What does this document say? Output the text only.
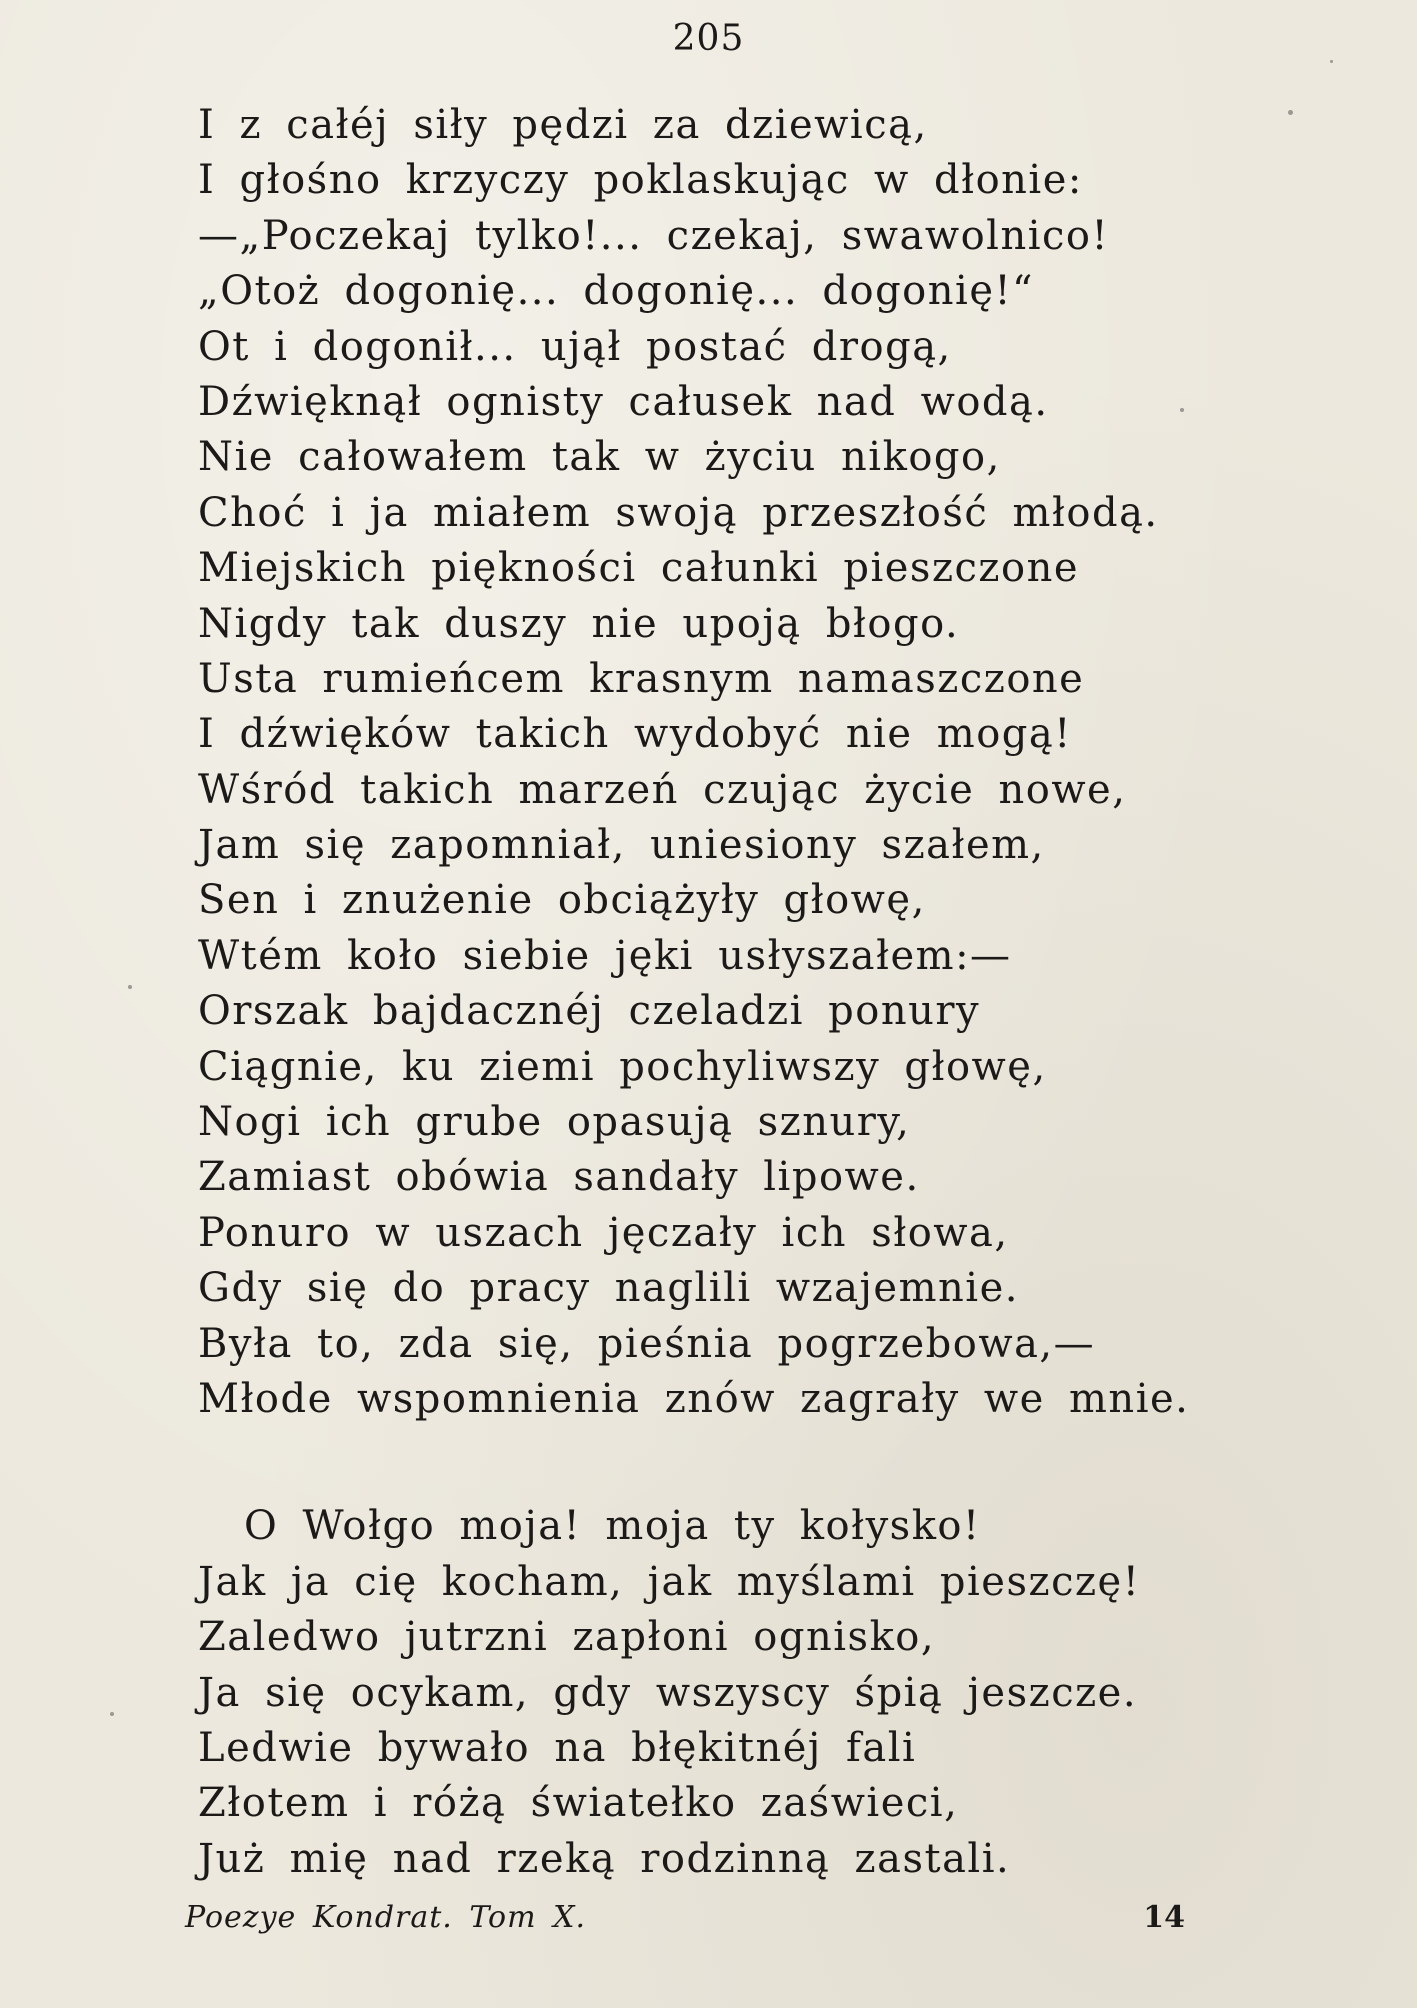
205
I z całéj siły pędzi za dziewicą,
I głośno krzyczy poklaskując w dłonie:
—„Poczekaj tylko!... czekaj, swawolnico!
„Otoż dogonię... dogonię... dogonię!“
Ot i dogonił... ujął postać drogą,
Dźwięknął ognisty całusek nad wodą.
Nie całowałem tak w życiu nikogo,
Choć i ja miałem swoją przeszłość młodą.
Miejskich piękności całunki pieszczone
Nigdy tak duszy nie upoją błogo.
Usta rumieńcem krasnym namaszczone
I dźwięków takich wydobyć nie mogą!
Wśród takich marzeń czując życie nowe,
Jam się zapomniał, uniesiony szałem,
Sen i znużenie obciążyły głowę,
Wtém koło siebie jęki usłyszałem:—
Orszak bajdacznéj czeladzi ponury
Ciągnie, ku ziemi pochyliwszy głowę,
Nogi ich grube opasują sznury,
Zamiast obówia sandały lipowe.
Ponuro w uszach jęczały ich słowa,
Gdy się do pracy naglili wzajemnie.
Była to, zda się, pieśnia pogrzebowa,—
Młode wspomnienia znów zagrały we mnie.
O Wołgo moja! moja ty kołysko!
Jak ja cię kocham, jak myślami pieszczę!
Zaledwo jutrzni zapłoni ognisko,
Ja się ocykam, gdy wszyscy śpią jeszcze.
Ledwie bywało na błękitnéj fali
Złotem i różą światełko zaświeci,
Już mię nad rzeką rodzinną zastali.
Poezye Kondrat. Tom X.	14
